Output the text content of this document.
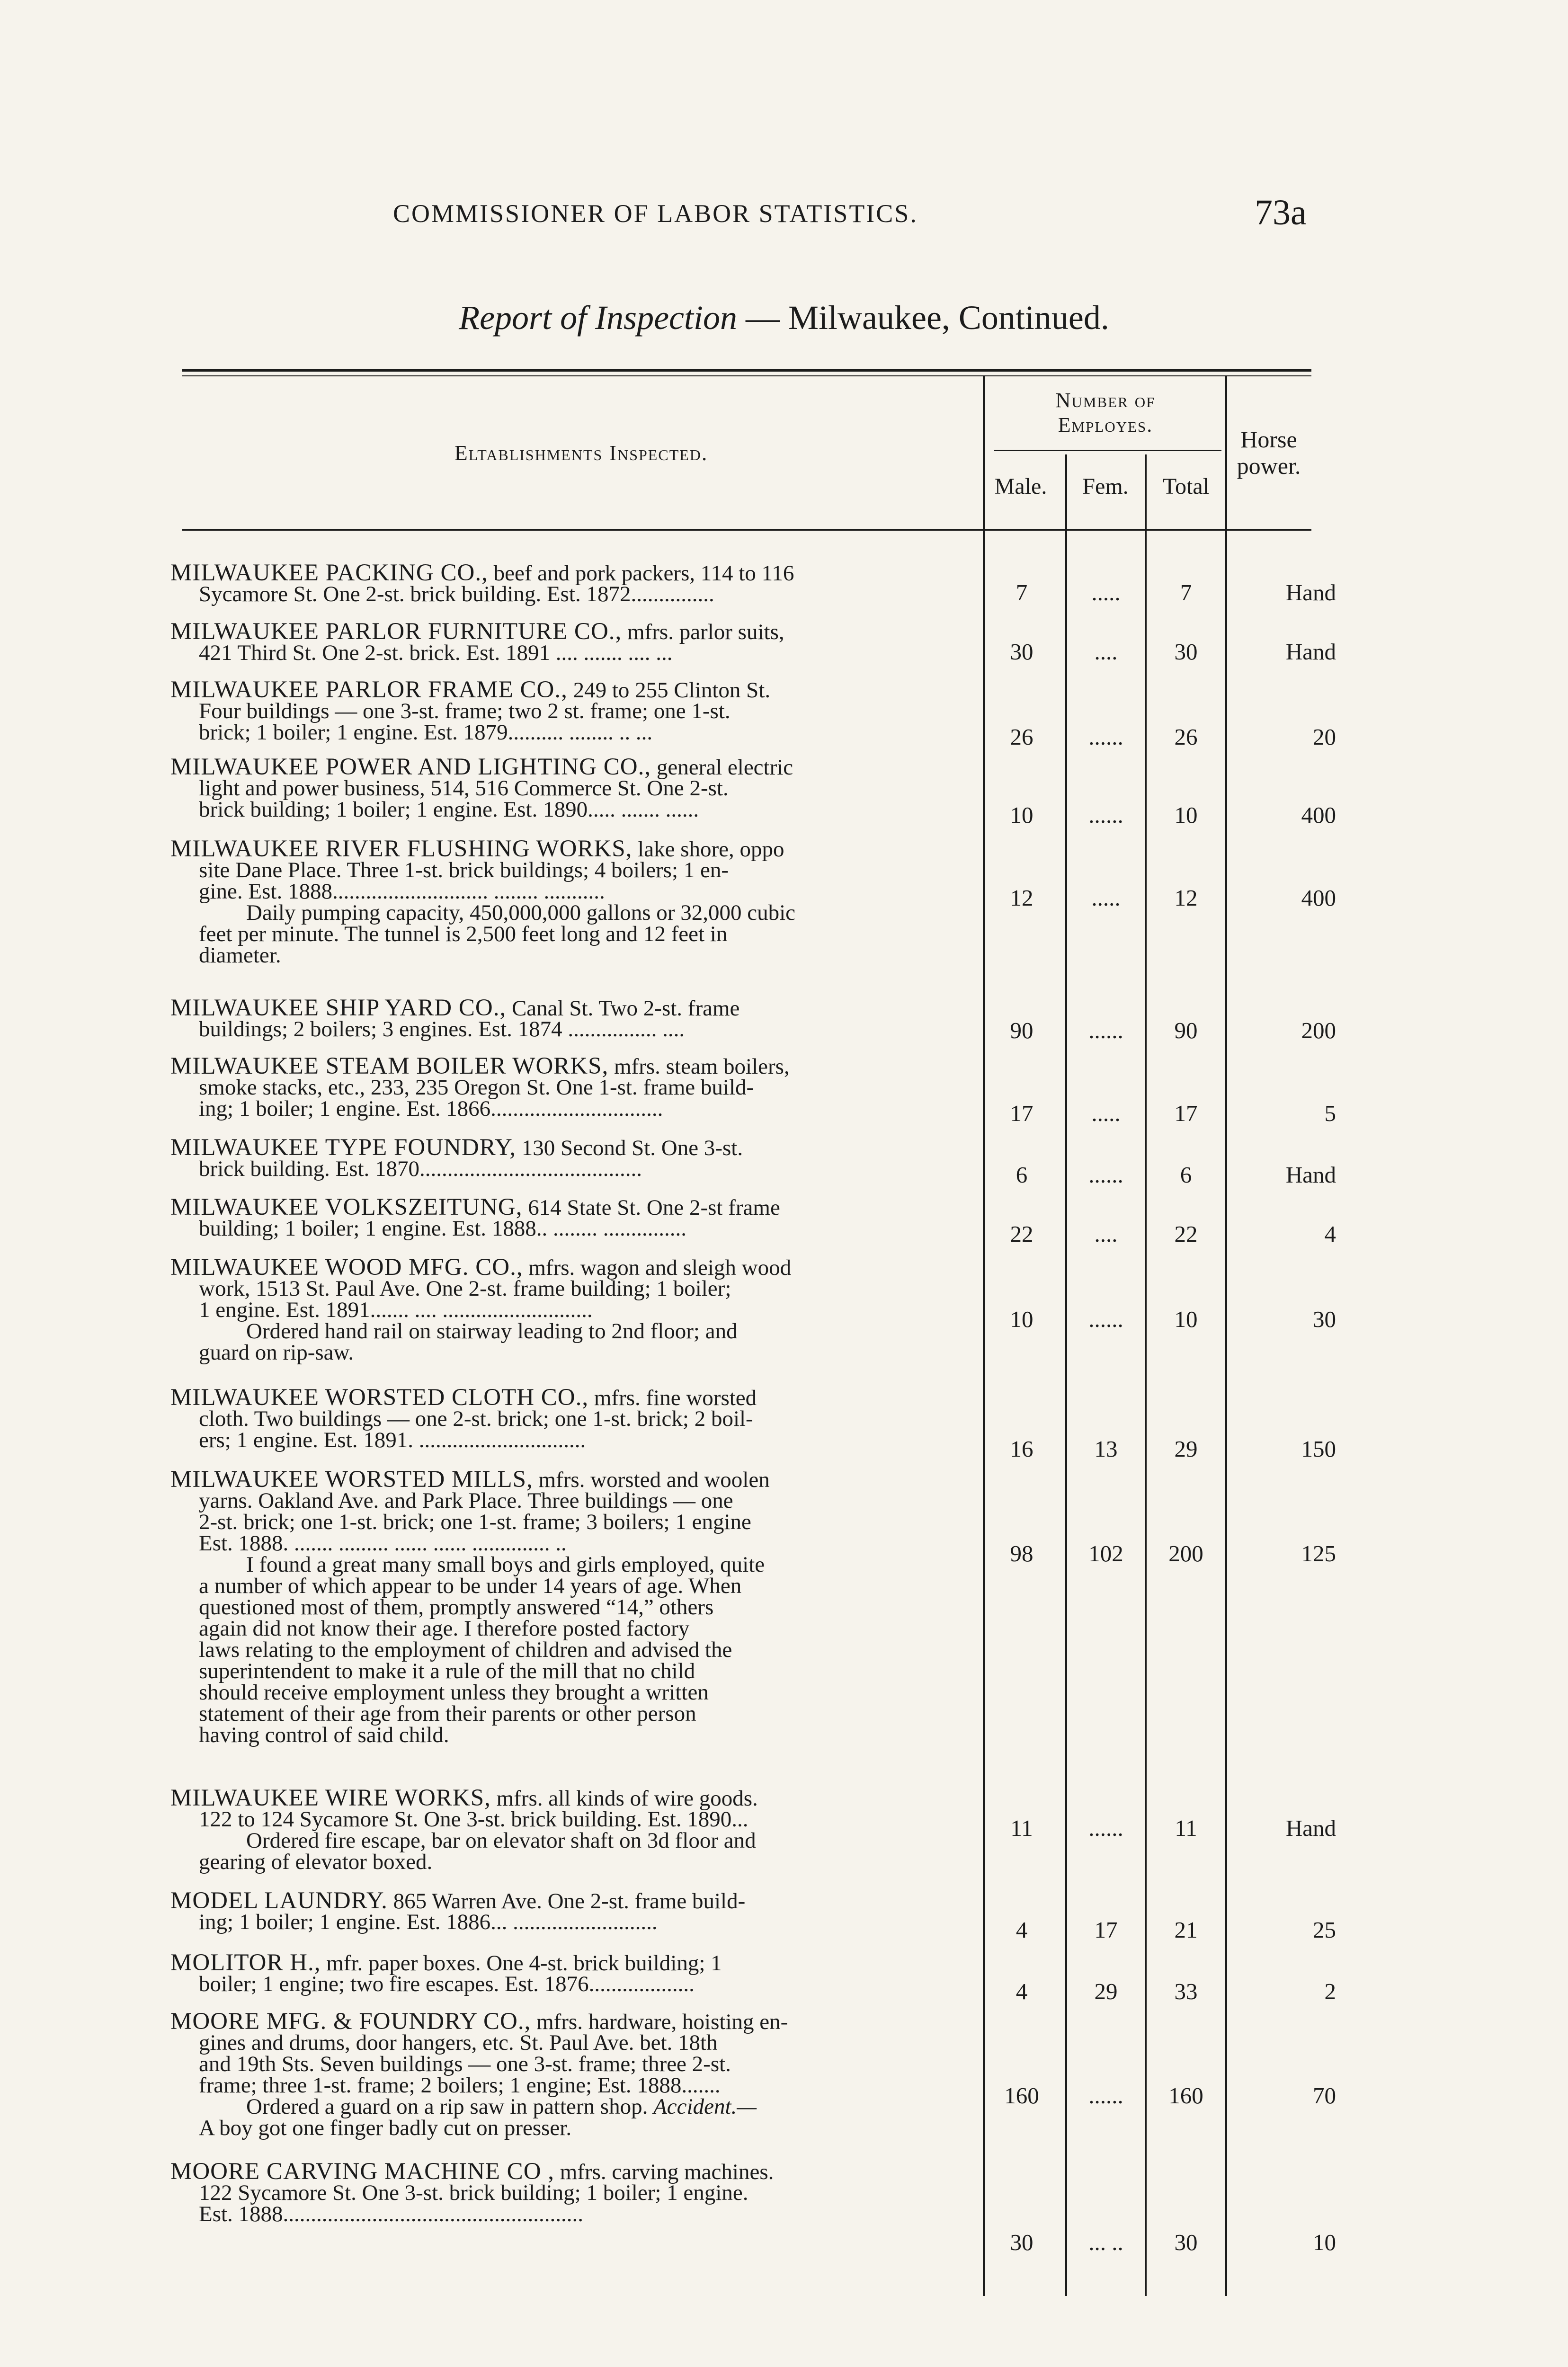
COMMISSIONER OF LABOR STATISTICS.	73a
Report of Inspection — Milwaukee, Continued.
Eltablishments Inspected.
Number of
Employes.
Male.	Fem.	Total
Horse
power.
MILWAUKEE PACKING CO., beef and pork packers, 114 to 116
Sycamore St. One 2-st. brick building. Est. 1872...............	7	.....	7	Hand
MILWAUKEE PARLOR FURNITURE CO., mfrs. parlor suits,
421 Third St. One 2-st. brick. Est. 1891 .... ....... .... ...	30	....	30	Hand
MILWAUKEE PARLOR FRAME CO., 249 to 255 Clinton St.
Four buildings — one 3-st. frame; two 2 st. frame; one 1-st.
brick; 1 boiler; 1 engine. Est. 1879.......... ........ .. ...	26	......	26	20
MILWAUKEE POWER AND LIGHTING CO., general electric
light and power business, 514, 516 Commerce St. One 2-st.
brick building; 1 boiler; 1 engine. Est. 1890..... ....... ......	10	......	10	400
MILWAUKEE RIVER FLUSHING WORKS, lake shore, oppo
site Dane Place. Three 1-st. brick buildings; 4 boilers; 1 en-
gine. Est. 1888............................ ........ ...........
Daily pumping capacity, 450,000,000 gallons or 32,000 cubic
feet per minute. The tunnel is 2,500 feet long and 12 feet in
diameter.
12	.....	12	400
MILWAUKEE SHIP YARD CO., Canal St. Two 2-st. frame
buildings; 2 boilers; 3 engines. Est. 1874 ................ ....	90	......	90	200
MILWAUKEE STEAM BOILER WORKS, mfrs. steam boilers,
smoke stacks, etc., 233, 235 Oregon St. One 1-st. frame build-
ing; 1 boiler; 1 engine. Est. 1866...............................	17	.....	17	5
MILWAUKEE TYPE FOUNDRY, 130 Second St. One 3-st.
brick building. Est. 1870........................................	6	......	6	Hand
MILWAUKEE VOLKSZEITUNG, 614 State St. One 2-st frame
building; 1 boiler; 1 engine. Est. 1888.. ........ ...............	22	....	22	4
MILWAUKEE WOOD MFG. CO., mfrs. wagon and sleigh wood
work, 1513 St. Paul Ave. One 2-st. frame building; 1 boiler;
1 engine. Est. 1891....... .... ...........................
Ordered hand rail on stairway leading to 2nd floor; and
guard on rip-saw.
10	......	10	30
MILWAUKEE WORSTED CLOTH CO., mfrs. fine worsted
cloth. Two buildings — one 2-st. brick; one 1-st. brick; 2 boil-
ers; 1 engine. Est. 1891. ..............................	16	13	29	150
MILWAUKEE WORSTED MILLS, mfrs. worsted and woolen
yarns. Oakland Ave. and Park Place. Three buildings — one
2-st. brick; one 1-st. brick; one 1-st. frame; 3 boilers; 1 engine
Est. 1888. ....... ......... ...... ...... .............. ..
I found a great many small boys and girls employed, quite
a number of which appear to be under 14 years of age. When
questioned most of them, promptly answered “14,” others
again did not know their age. I therefore posted factory
laws relating to the employment of children and advised the
superintendent to make it a rule of the mill that no child
should receive employment unless they brought a written
statement of their age from their parents or other person
having control of said child.
98	102	200	125
MILWAUKEE WIRE WORKS, mfrs. all kinds of wire goods.
122 to 124 Sycamore St. One 3-st. brick building. Est. 1890...
Ordered fire escape, bar on elevator shaft on 3d floor and
gearing of elevator boxed.
11	......	11	Hand
MODEL LAUNDRY. 865 Warren Ave. One 2-st. frame build-
ing; 1 boiler; 1 engine. Est. 1886... ..........................	4	17	21	25
MOLITOR H., mfr. paper boxes. One 4-st. brick building; 1
boiler; 1 engine; two fire escapes. Est. 1876...................	4	29	33	2
MOORE MFG. & FOUNDRY CO., mfrs. hardware, hoisting en-
gines and drums, door hangers, etc. St. Paul Ave. bet. 18th
and 19th Sts. Seven buildings — one 3-st. frame; three 2-st.
frame; three 1-st. frame; 2 boilers; 1 engine; Est. 1888.......
Ordered a guard on a rip saw in pattern shop. Accident.—
A boy got one finger badly cut on presser.
160	......	160	70
MOORE CARVING MACHINE CO , mfrs. carving machines.
122 Sycamore St. One 3-st. brick building; 1 boiler; 1 engine.
Est. 1888......................................................
30	... ..	30	10
